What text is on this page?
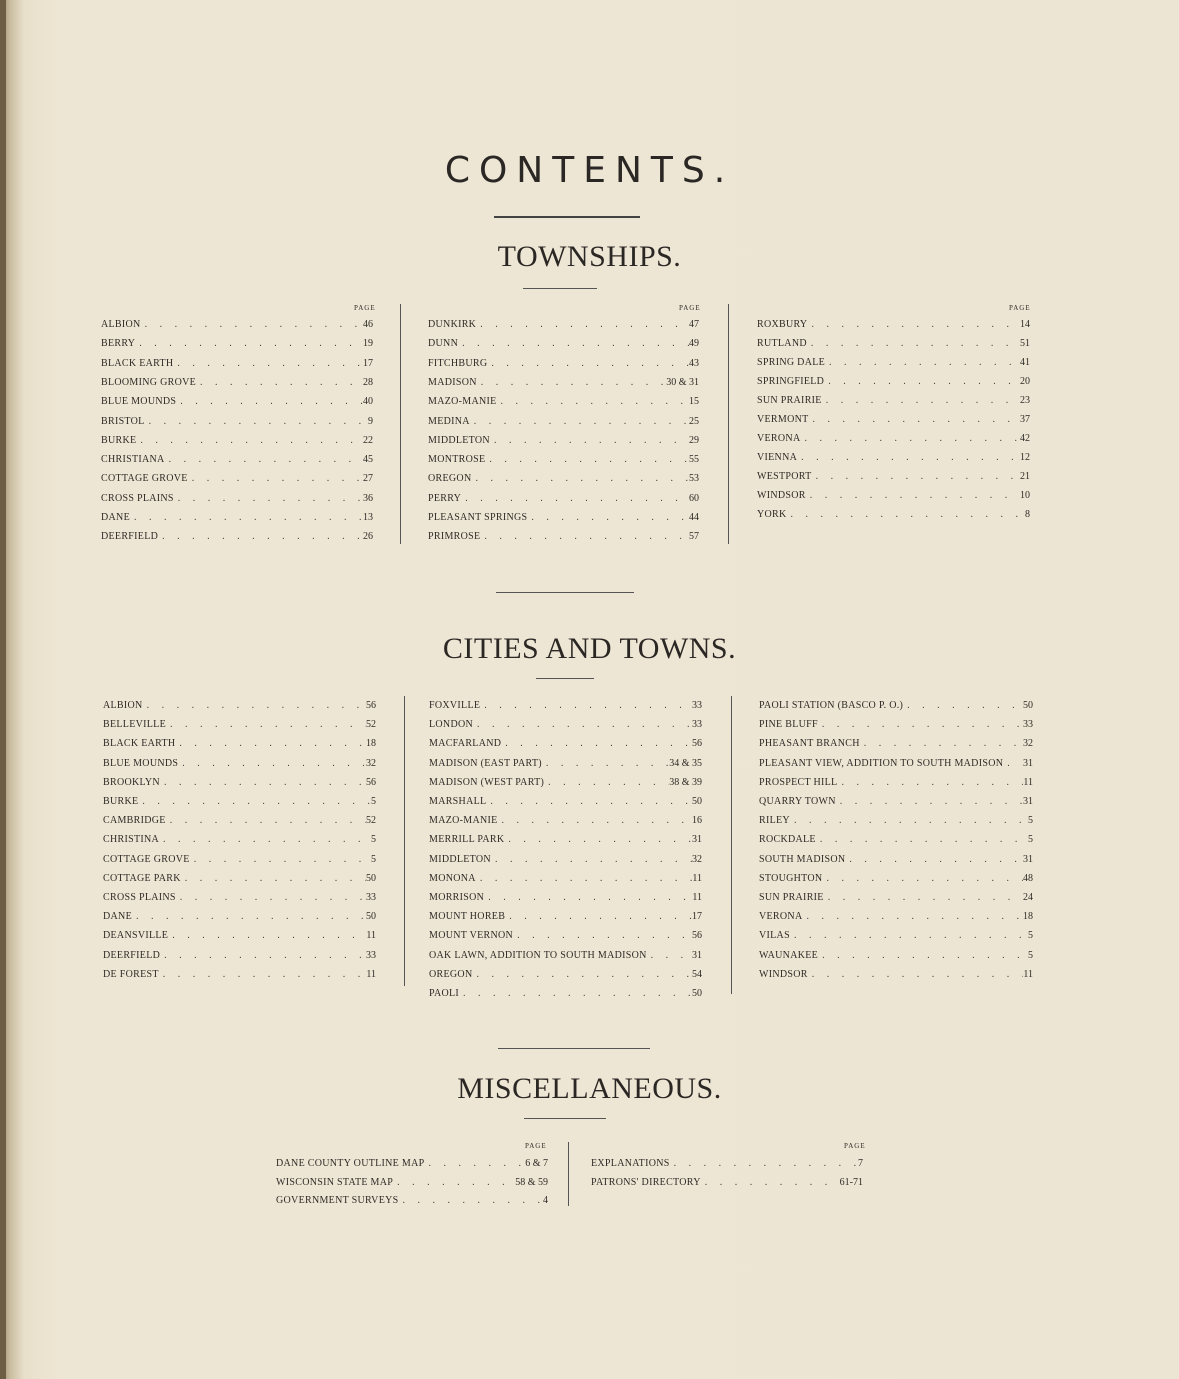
CONTENTS.
TOWNSHIPS.
PAGE	PAGE	PAGE
ALBION . . .	46
BERRY . . .	19
BLACK EARTH . . .	17
BLOOMING GROVE . . .	28
BLUE MOUNDS . . .	40
BRISTOL . . .	9
BURKE . . .	22
CHRISTIANA . . .	45
COTTAGE GROVE . . .	27
CROSS PLAINS . . .	36
DANE . . .	13
DEERFIELD . . .	26
DUNKIRK . . .	47
DUNN . . .	49
FITCHBURG . . .	43
MADISON . . .	30 & 31
MAZO-MANIE . . .	15
MEDINA . . .	25
MIDDLETON . . .	29
MONTROSE . . .	55
OREGON . . .	53
PERRY . . .	60
PLEASANT SPRINGS . . .	44
PRIMROSE . . .	57
ROXBURY . . .	14
RUTLAND . . .	51
SPRING DALE . . .	41
SPRINGFIELD . . .	20
SUN PRAIRIE . . .	23
VERMONT . . .	37
VERONA . . .	42
VIENNA . . .	12
WESTPORT . . .	21
WINDSOR . . .	10
YORK . . .	8
CITIES AND TOWNS.
ALBION . . .	56
BELLEVILLE . . .	52
BLACK EARTH . . .	18
BLUE MOUNDS . . .	32
BROOKLYN . . .	56
BURKE . . .	5
CAMBRIDGE . . .	52
CHRISTINA . . .	5
COTTAGE GROVE . . .	5
COTTAGE PARK . . .	50
CROSS PLAINS . . .	33
DANE . . .	50
DEANSVILLE . . .	11
DEERFIELD . . .	33
DE FOREST . . .	11
FOXVILLE . . .	33
LONDON . . .	33
MACFARLAND . . .	56
MADISON (EAST PART) . . .	34 & 35
MADISON (WEST PART) . . .	38 & 39
MARSHALL . . .	50
MAZO-MANIE . . .	16
MERRILL PARK . . .	31
MIDDLETON . . .	32
MONONA . . .	11
MORRISON . . .	11
MOUNT HOREB . . .	17
MOUNT VERNON . . .	56
OAK LAWN, ADDITION TO SOUTH MADISON . . .	31
OREGON . . .	54
PAOLI . . .	50
PAOLI STATION (BASCO P. O.) . . .	50
PINE BLUFF . . .	33
PHEASANT BRANCH . . .	32
PLEASANT VIEW, ADDITION TO SOUTH MADISON . . . 31
PROSPECT HILL . . .	11
QUARRY TOWN . . .	31
RILEY . . .	5
ROCKDALE . . .	5
SOUTH MADISON . . .	31
STOUGHTON . . .	48
SUN PRAIRIE . . .	24
VERONA . . .	18
VILAS . . .	5
WAUNAKEE . . .	5
WINDSOR . . .	11
MISCELLANEOUS.
PAGE	PAGE
DANE COUNTY OUTLINE MAP . . .	6 & 7
WISCONSIN STATE MAP . . .	58 & 59
GOVERNMENT SURVEYS . . .	4
EXPLANATIONS . . .	7
PATRONS' DIRECTORY . . .	61-71
